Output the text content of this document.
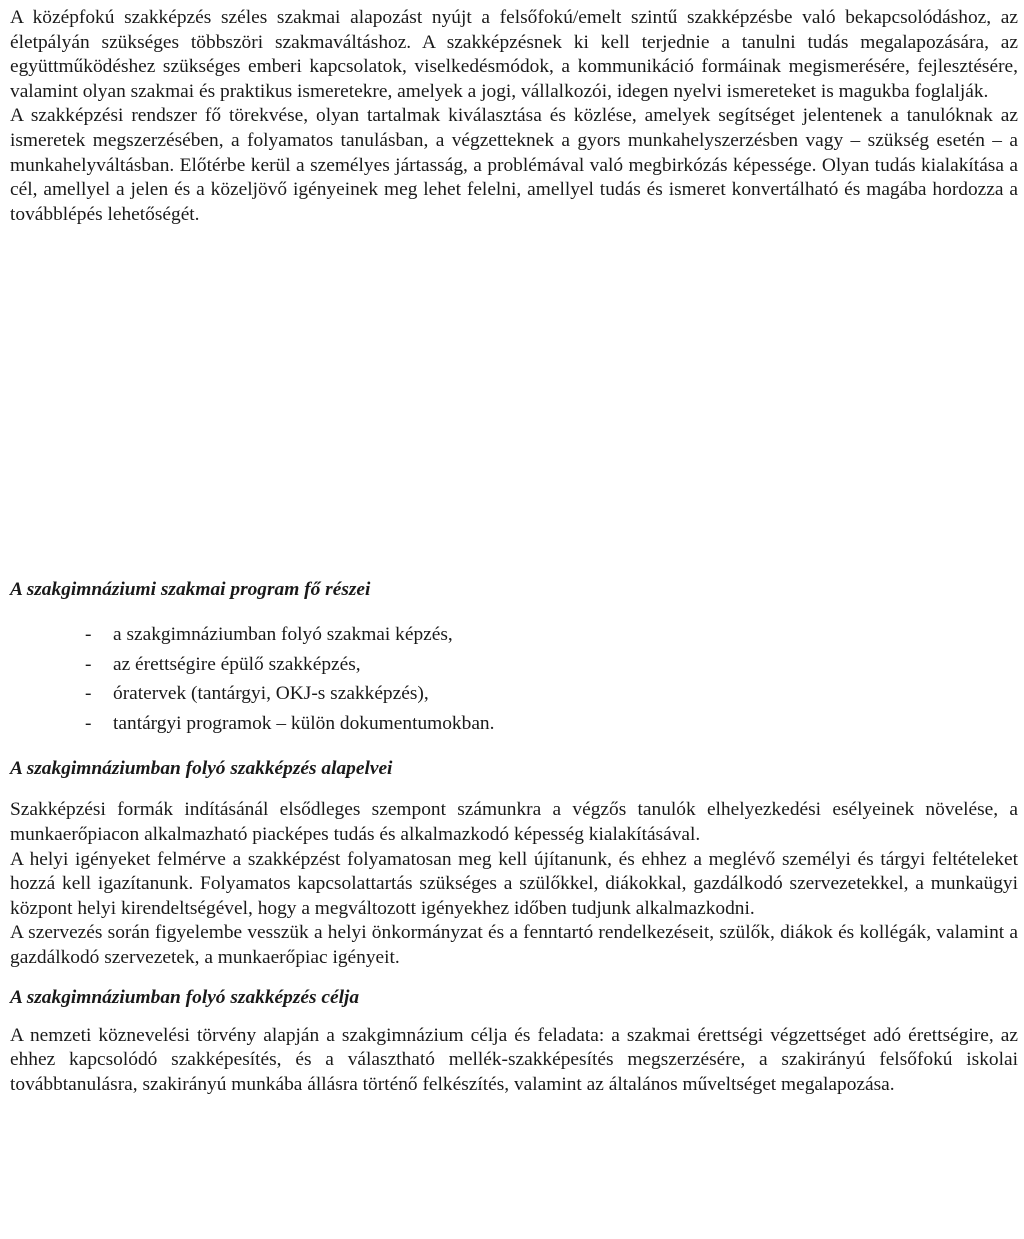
A középfokú szakképzés széles szakmai alapozást nyújt a felsőfokú/emelt szintű szakképzésbe való bekapcsolódáshoz, az életpályán szükséges többszöri szakmaváltáshoz. A szakképzésnek ki kell terjednie a tanulni tudás megalapozására, az együttműködéshez szükséges emberi kapcsolatok, viselkedésmódok, a kommunikáció formáinak megismerésére, fejlesztésére, valamint olyan szakmai és praktikus ismeretekre, amelyek a jogi, vállalkozói, idegen nyelvi ismereteket is magukba foglalják.

A szakképzési rendszer fő törekvése, olyan tartalmak kiválasztása és közlése, amelyek segítséget jelentenek a tanulóknak az ismeretek megszerzésében, a folyamatos tanulásban, a végzetteknek a gyors munkahelyszerzésben vagy – szükség esetén – a munkahelyváltásban. Előtérbe kerül a személyes jártasság, a problémával való megbirkózás képessége. Olyan tudás kialakítása a cél, amellyel a jelen és a közeljövő igényeinek meg lehet felelni, amellyel tudás és ismeret konvertálható és magába hordozza a továbblépés lehetőségét.

A szakgimnáziumi szakmai program fő részei
- a szakgimnáziumban folyó szakmai képzés,
- az érettségire épülő szakképzés,
- óratervek (tantárgyi, OKJ-s szakképzés),
- tantárgyi programok – külön dokumentumokban.
A szakgimnáziumban folyó szakképzés alapelvei

Szakképzési formák indításánál elsődleges szempont számunkra a végzős tanulók elhelyezkedési esélyeinek növelése, a munkaerőpiacon alkalmazható piacképes tudás és alkalmazkodó képesség kialakításával.

A helyi igényeket felmérve a szakképzést folyamatosan meg kell újítanunk, és ehhez a meglévő személyi és tárgyi feltételeket hozzá kell igazítanunk. Folyamatos kapcsolattartás szükséges a szülőkkel, diákokkal, gazdálkodó szervezetekkel, a munkaügyi központ helyi kirendeltségével, hogy a megváltozott igényekhez időben tudjunk alkalmazkodni.

A szervezés során figyelembe vesszük a helyi önkormányzat és a fenntartó rendelkezéseit, szülők, diákok és kollégák, valamint a gazdálkodó szervezetek, a munkaerőpiac igényeit.

A szakgimnáziumban folyó szakképzés célja

A nemzeti köznevelési törvény alapján a szakgimnázium célja és feladata: a szakmai érettségi végzettséget adó érettségire, az ehhez kapcsolódó szakképesítés, és a választható mellék-szakképesítés megszerzésére, a szakirányú felsőfokú iskolai továbbtanulásra, szakirányú munkába állásra történő felkészítés, valamint az általános műveltséget megalapozása.
